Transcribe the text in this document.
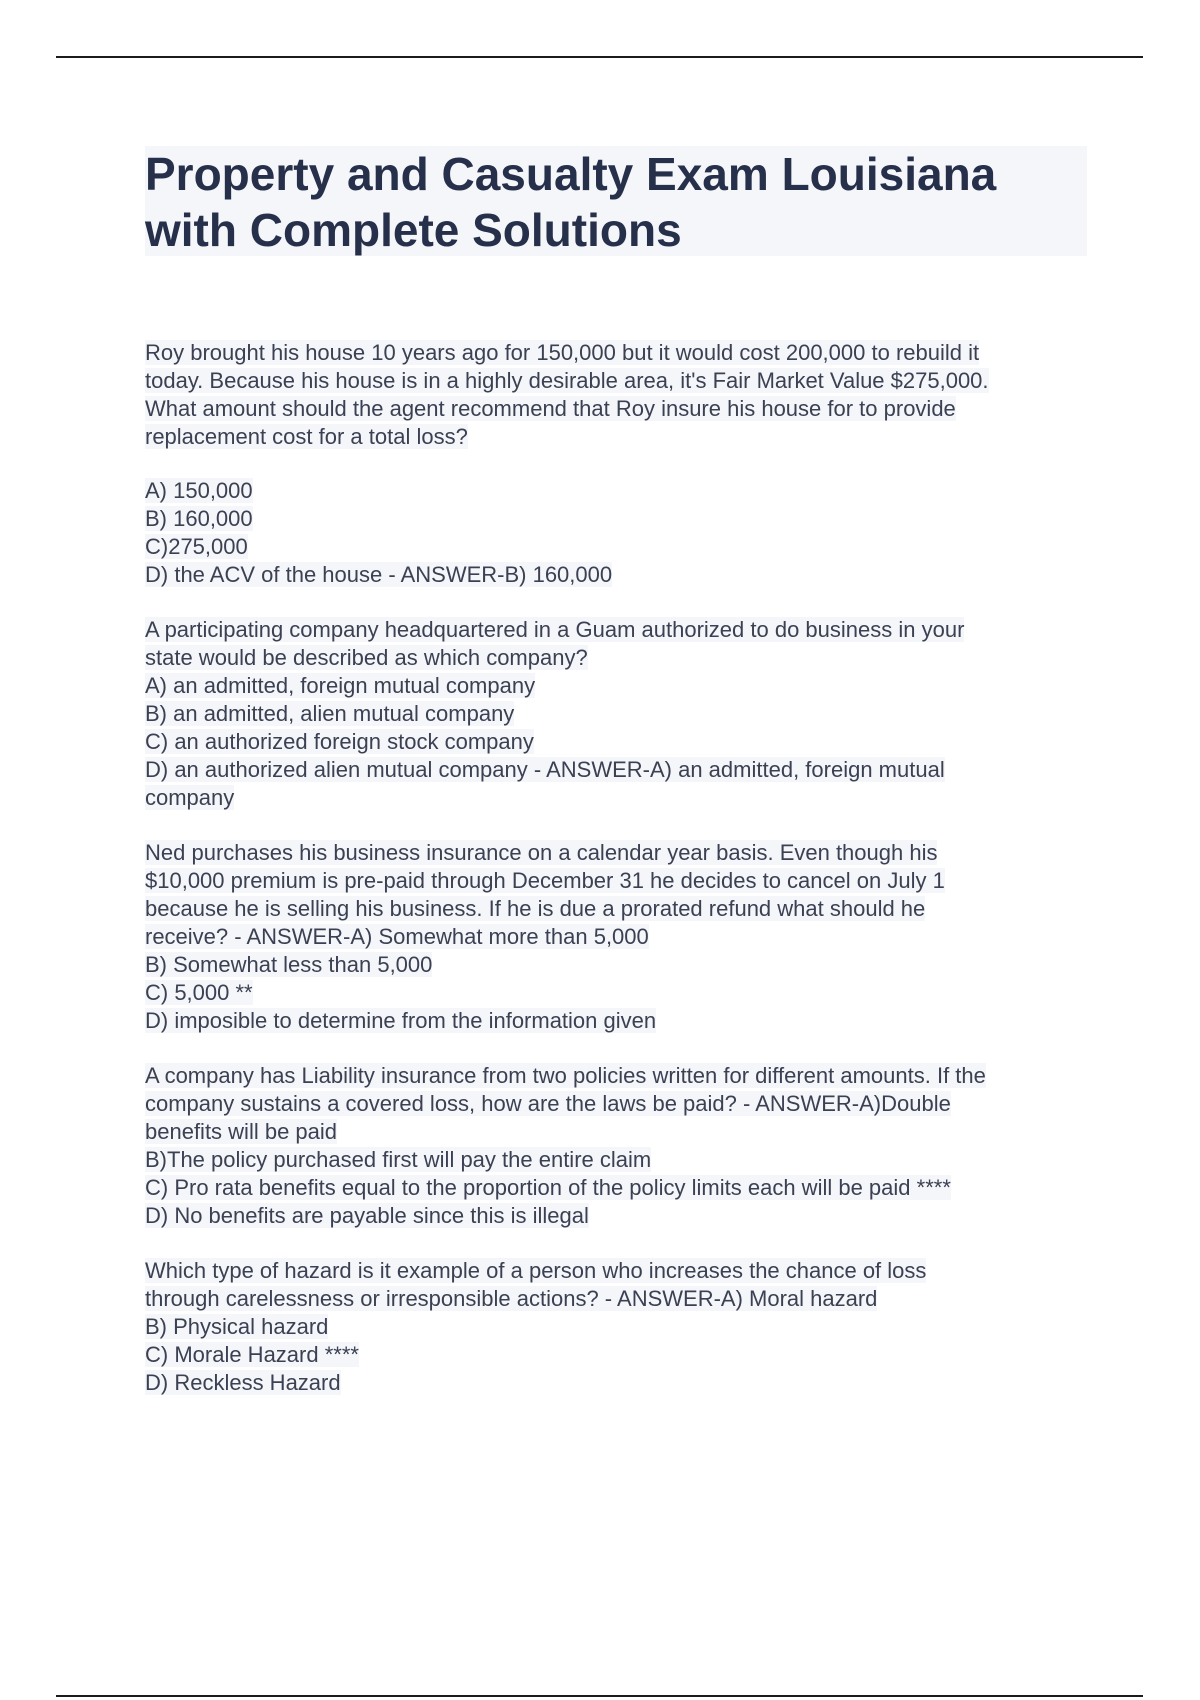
Property and Casualty Exam Louisiana
with Complete Solutions
Roy brought his house 10 years ago for 150,000 but it would cost 200,000 to rebuild it
today. Because his house is in a highly desirable area, it's Fair Market Value $275,000.
What amount should the agent recommend that Roy insure his house for to provide
replacement cost for a total loss?
A) 150,000
B) 160,000
C)275,000
D) the ACV of the house - ANSWER-B) 160,000
A participating company headquartered in a Guam authorized to do business in your
state would be described as which company?
A) an admitted, foreign mutual company
B) an admitted, alien mutual company
C) an authorized foreign stock company
D) an authorized alien mutual company - ANSWER-A) an admitted, foreign mutual
company
Ned purchases his business insurance on a calendar year basis. Even though his
$10,000 premium is pre-paid through December 31 he decides to cancel on July 1
because he is selling his business. If he is due a prorated refund what should he
receive? - ANSWER-A) Somewhat more than 5,000
B) Somewhat less than 5,000
C) 5,000 **
D) imposible to determine from the information given
A company has Liability insurance from two policies written for different amounts. If the
company sustains a covered loss, how are the laws be paid? - ANSWER-A)Double
benefits will be paid
B)The policy purchased first will pay the entire claim
C) Pro rata benefits equal to the proportion of the policy limits each will be paid ****
D) No benefits are payable since this is illegal
Which type of hazard is it example of a person who increases the chance of loss
through carelessness or irresponsible actions? - ANSWER-A) Moral hazard
B) Physical hazard
C) Morale Hazard ****
D) Reckless Hazard
